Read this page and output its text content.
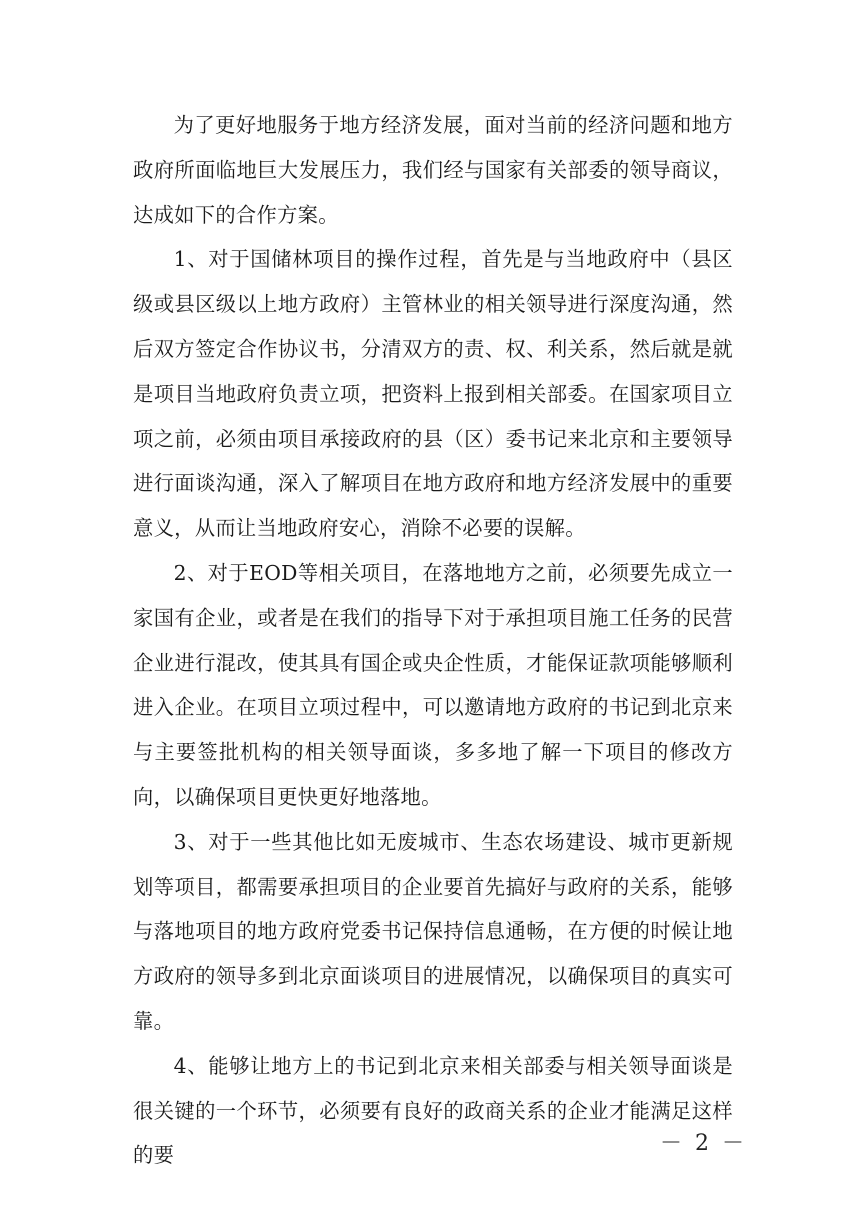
为了更好地服务于地方经济发展，面对当前的经济问题和地方政府所面临地巨大发展压力，我们经与国家有关部委的领导商议，达成如下的合作方案。

1、对于国储林项目的操作过程，首先是与当地政府中（县区级或县区级以上地方政府）主管林业的相关领导进行深度沟通，然后双方签定合作协议书，分清双方的责、权、利关系，然后就是就是项目当地政府负责立项，把资料上报到相关部委。在国家项目立项之前，必须由项目承接政府的县（区）委书记来北京和主要领导进行面谈沟通，深入了解项目在地方政府和地方经济发展中的重要意义，从而让当地政府安心，消除不必要的误解。

2、对于EOD等相关项目，在落地地方之前，必须要先成立一家国有企业，或者是在我们的指导下对于承担项目施工任务的民营企业进行混改，使其具有国企或央企性质，才能保证款项能够顺利进入企业。在项目立项过程中，可以邀请地方政府的书记到北京来与主要签批机构的相关领导面谈，多多地了解一下项目的修改方向，以确保项目更快更好地落地。

3、对于一些其他比如无废城市、生态农场建设、城市更新规划等项目，都需要承担项目的企业要首先搞好与政府的关系，能够与落地项目的地方政府党委书记保持信息通畅，在方便的时候让地方政府的领导多到北京面谈项目的进展情况，以确保项目的真实可靠。

4、能够让地方上的书记到北京来相关部委与相关领导面谈是很关键的一个环节，必须要有良好的政商关系的企业才能满足这样的要	－ 2 －
